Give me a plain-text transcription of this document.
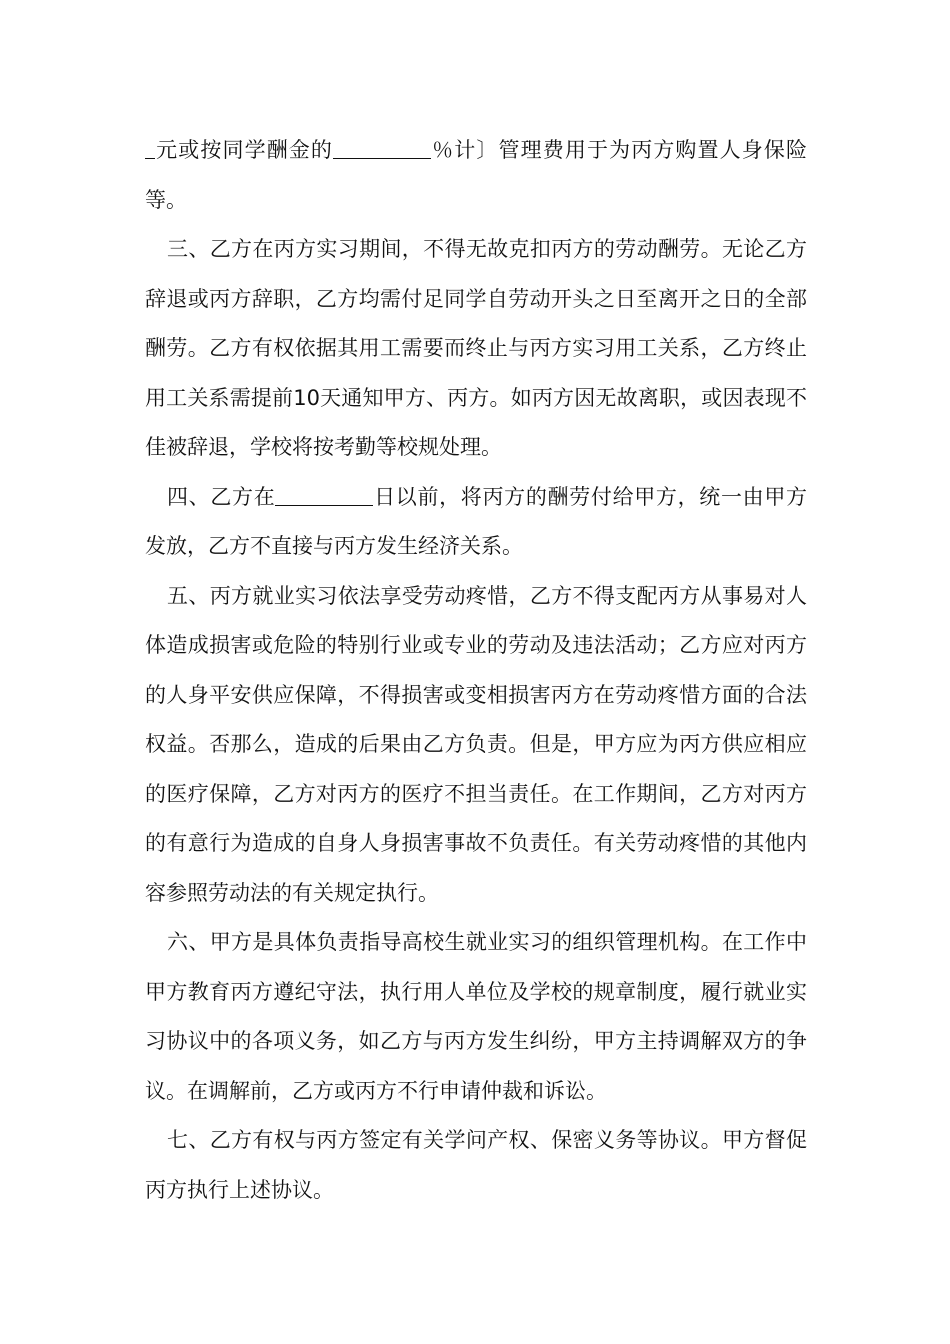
元或按同学酬金的	％计〕管理费用于为丙方购置人身保险等。

三、乙方在丙方实习期间，不得无故克扣丙方的劳动酬劳。无论乙方辞退或丙方辞职，乙方均需付足同学自劳动开头之日至离开之日的全部酬劳。乙方有权依据其用工需要而终止与丙方实习用工关系，乙方终止用工关系需提前10天通知甲方、丙方。如丙方因无故离职，或因表现不佳被辞退，学校将按考勤等校规处理。

四、乙方在	日以前，将丙方的酬劳付给甲方，统一由甲方发放，乙方不直接与丙方发生经济关系。

五、丙方就业实习依法享受劳动疼惜，乙方不得支配丙方从事易对人体造成损害或危险的特别行业或专业的劳动及违法活动；乙方应对丙方的人身平安供应保障，不得损害或变相损害丙方在劳动疼惜方面的合法权益。否那么，造成的后果由乙方负责。但是，甲方应为丙方供应相应的医疗保障，乙方对丙方的医疗不担当责任。在工作期间，乙方对丙方的有意行为造成的自身人身损害事故不负责任。有关劳动疼惜的其他内容参照劳动法的有关规定执行。

六、甲方是具体负责指导高校生就业实习的组织管理机构。在工作中甲方教育丙方遵纪守法，执行用人单位及学校的规章制度，履行就业实习协议中的各项义务，如乙方与丙方发生纠纷，甲方主持调解双方的争议。在调解前，乙方或丙方不行申请仲裁和诉讼。

七、乙方有权与丙方签定有关学问产权、保密义务等协议。甲方督促丙方执行上述协议。
